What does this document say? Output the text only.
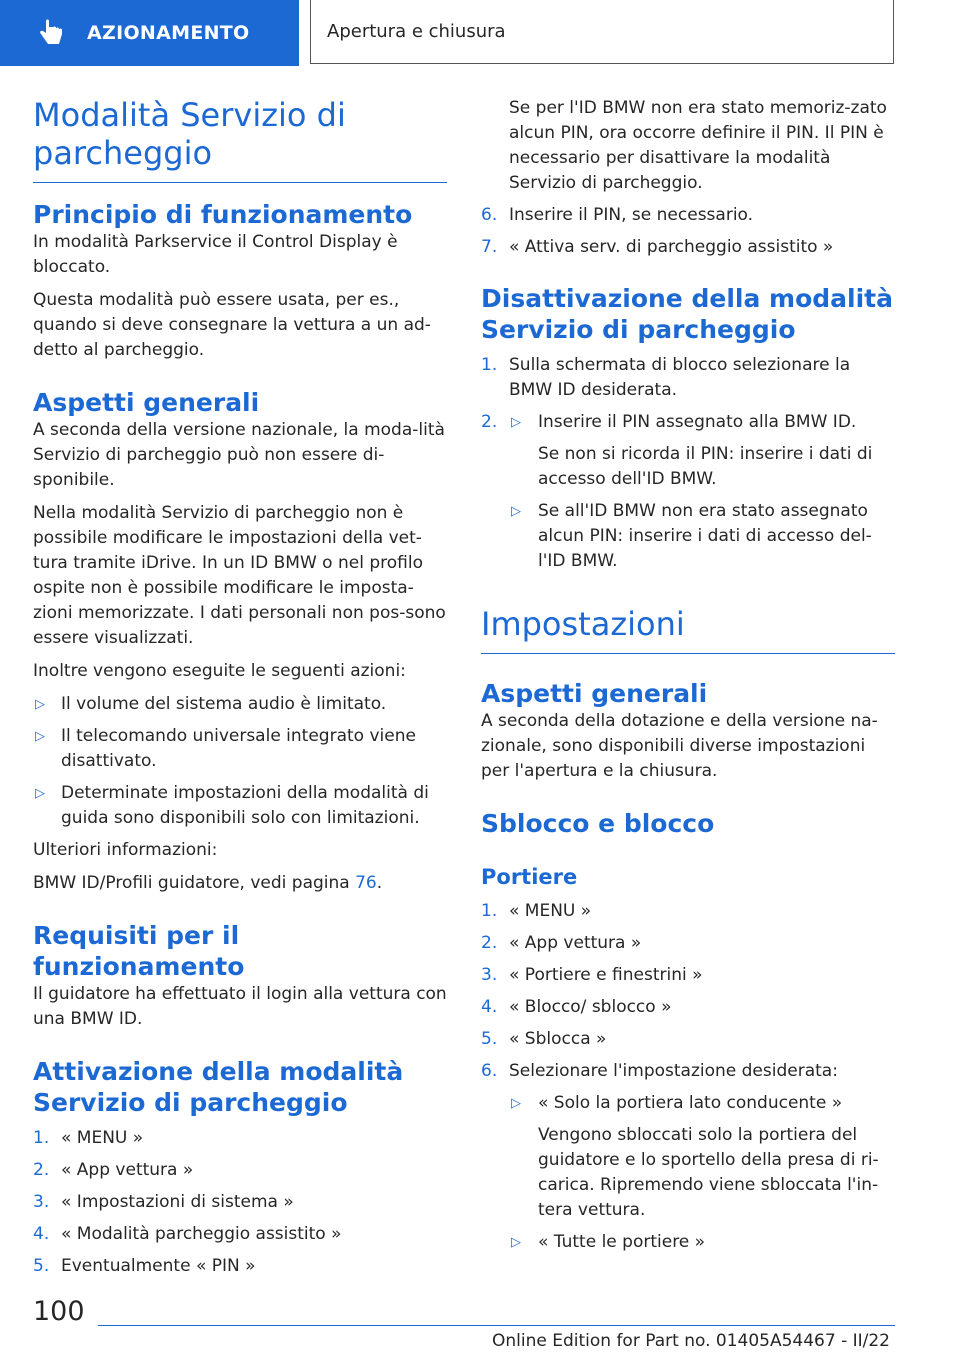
AZIONAMENTO	Apertura e chiusura
Modalità Servizio di parcheggio
Principio di funzionamento

In modalità Parkservice il Control Display è bloccato.

Questa modalità può essere usata, per es., quando si deve consegnare la vettura a un ad-detto al parcheggio.

Aspetti generali

A seconda della versione nazionale, la moda-lità Servizio di parcheggio può non essere di-sponibile.

Nella modalità Servizio di parcheggio non è possibile modificare le impostazioni della vet-tura tramite iDrive. In un ID BMW o nel profilo ospite non è possibile modificare le imposta-zioni memorizzate. I dati personali non pos-sono essere visualizzati.

Inoltre vengono eseguite le seguenti azioni:

▷ Il volume del sistema audio è limitato.
▷ Il telecomando universale integrato viene disattivato.
▷ Determinate impostazioni della modalità di guida sono disponibili solo con limitazioni.

Ulteriori informazioni:

BMW ID/Profili guidatore, vedi pagina 76.

Requisiti per il funzionamento

Il guidatore ha effettuato il login alla vettura con una BMW ID.

Attivazione della modalità Servizio di parcheggio
1. « MENU »
2. « App vettura »
3. « Impostazioni di sistema »
4. « Modalità parcheggio assistito »
5. Eventualmente « PIN »

Se per l'ID BMW non era stato memoriz-zato alcun PIN, ora occorre definire il PIN. Il PIN è necessario per disattivare la modalità Servizio di parcheggio.

6. Inserire il PIN, se necessario.
7. « Attiva serv. di parcheggio assistito »
Disattivazione della modalità Servizio di parcheggio
1. Sulla schermata di blocco selezionare la BMW ID desiderata.
2. ▷ Inserire il PIN assegnato alla BMW ID.

Se non si ricorda il PIN: inserire i dati di accesso dell'ID BMW.

▷ Se all'ID BMW non era stato assegnato alcun PIN: inserire i dati di accesso del-l'ID BMW.
Impostazioni
Aspetti generali

A seconda della dotazione e della versione na-zionale, sono disponibili diverse impostazioni per l'apertura e la chiusura.

Sblocco e blocco
Portiere
1. « MENU »
2. « App vettura »
3. « Portiere e finestrini »
4. « Blocco/ sblocco »
5. « Sblocca »
6. Selezionare l'impostazione desiderata:
▷ « Solo la portiera lato conducente »

Vengono sbloccati solo la portiera del guidatore e lo sportello della presa di ri-carica. Ripremendo viene sbloccata l'in-tera vettura.

▷ « Tutte le portiere »
100
Online Edition for Part no. 01405A54467 - II/22
